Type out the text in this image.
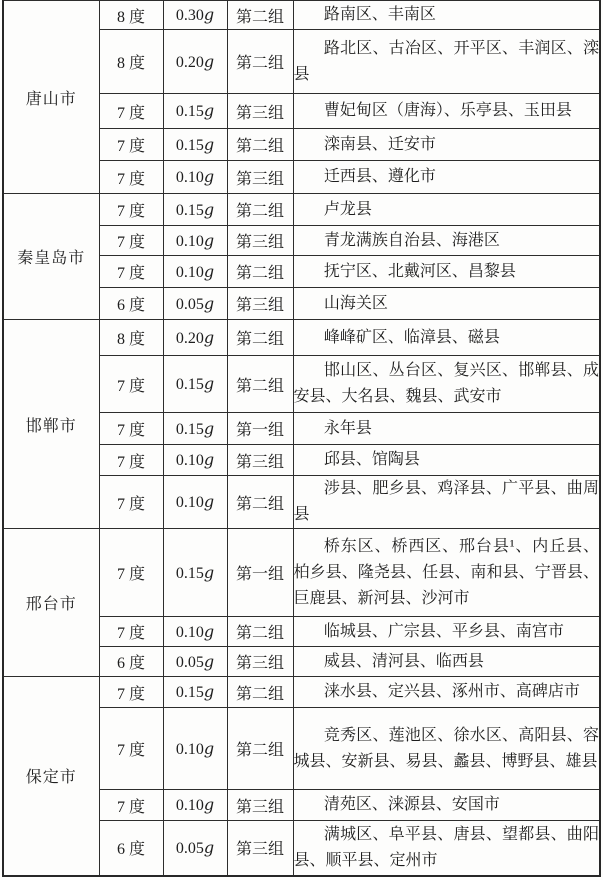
唐山市	8 度	0.30g	第二组	路南区、丰南区
	8 度	0.20g	第二组	路北区、古冶区、开平区、丰润区、滦县
	7 度	0.15g	第三组	曹妃甸区（唐海）、乐亭县、玉田县
	7 度	0.15g	第二组	滦南县、迁安市
	7 度	0.10g	第三组	迁西县、遵化市
秦皇岛市	7 度	0.15g	第二组	卢龙县
	7 度	0.10g	第三组	青龙满族自治县、海港区
	7 度	0.10g	第二组	抚宁区、北戴河区、昌黎县
	6 度	0.05g	第三组	山海关区
邯郸市	8 度	0.20g	第二组	峰峰矿区、临漳县、磁县
	7 度	0.15g	第二组	邯山区、丛台区、复兴区、邯郸县、成安县、大名县、魏县、武安市
	7 度	0.15g	第一组	永年县
	7 度	0.10g	第三组	邱县、馆陶县
	7 度	0.10g	第二组	涉县、肥乡县、鸡泽县、广平县、曲周县
邢台市	7 度	0.15g	第一组	桥东区、桥西区、邢台县¹、内丘县、柏乡县、隆尧县、任县、南和县、宁晋县、巨鹿县、新河县、沙河市
	7 度	0.10g	第二组	临城县、广宗县、平乡县、南宫市
	6 度	0.05g	第三组	威县、清河县、临西县
保定市	7 度	0.15g	第二组	涞水县、定兴县、涿州市、高碑店市
	7 度	0.10g	第二组	竞秀区、莲池区、徐水区、高阳县、容城县、安新县、易县、蠡县、博野县、雄县
	7 度	0.10g	第三组	清苑区、涞源县、安国市
	6 度	0.05g	第三组	满城区、阜平县、唐县、望都县、曲阳县、顺平县、定州市
